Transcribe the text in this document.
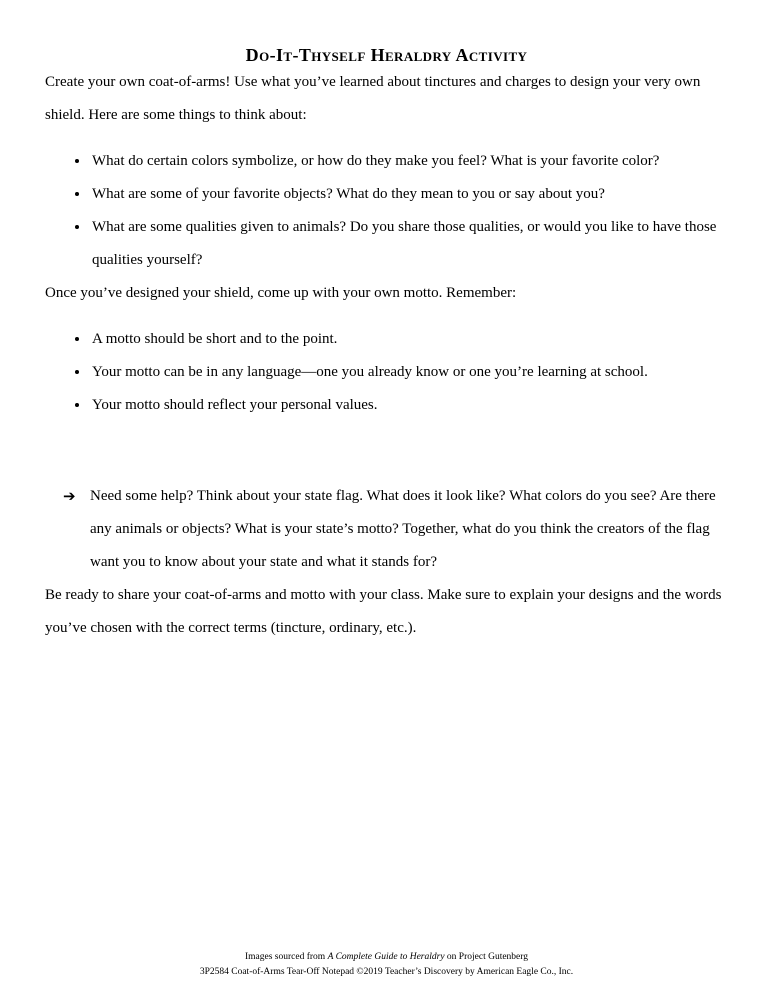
Do-It-Thyself Heraldry Activity

Create your own coat-of-arms! Use what you’ve learned about tinctures and charges to design your very own shield. Here are some things to think about:

• What do certain colors symbolize, or how do they make you feel? What is your favorite color?
• What are some of your favorite objects? What do they mean to you or say about you?
• What are some qualities given to animals? Do you share those qualities, or would you like to have those qualities yourself?

Once you’ve designed your shield, come up with your own motto. Remember:

• A motto should be short and to the point.
• Your motto can be in any language—one you already know or one you’re learning at school.
• Your motto should reflect your personal values.
➔ Need some help? Think about your state flag. What does it look like? What colors do you see? Are there any animals or objects? What is your state’s motto? Together, what do you think the creators of the flag want you to know about your state and what it stands for?

Be ready to share your coat-of-arms and motto with your class. Make sure to explain your designs and the words you’ve chosen with the correct terms (tincture, ordinary, etc.).

Images sourced from A Complete Guide to Heraldry on Project Gutenberg
3P2584 Coat-of-Arms Tear-Off Notepad ©2019 Teacher’s Discovery by American Eagle Co., Inc.
